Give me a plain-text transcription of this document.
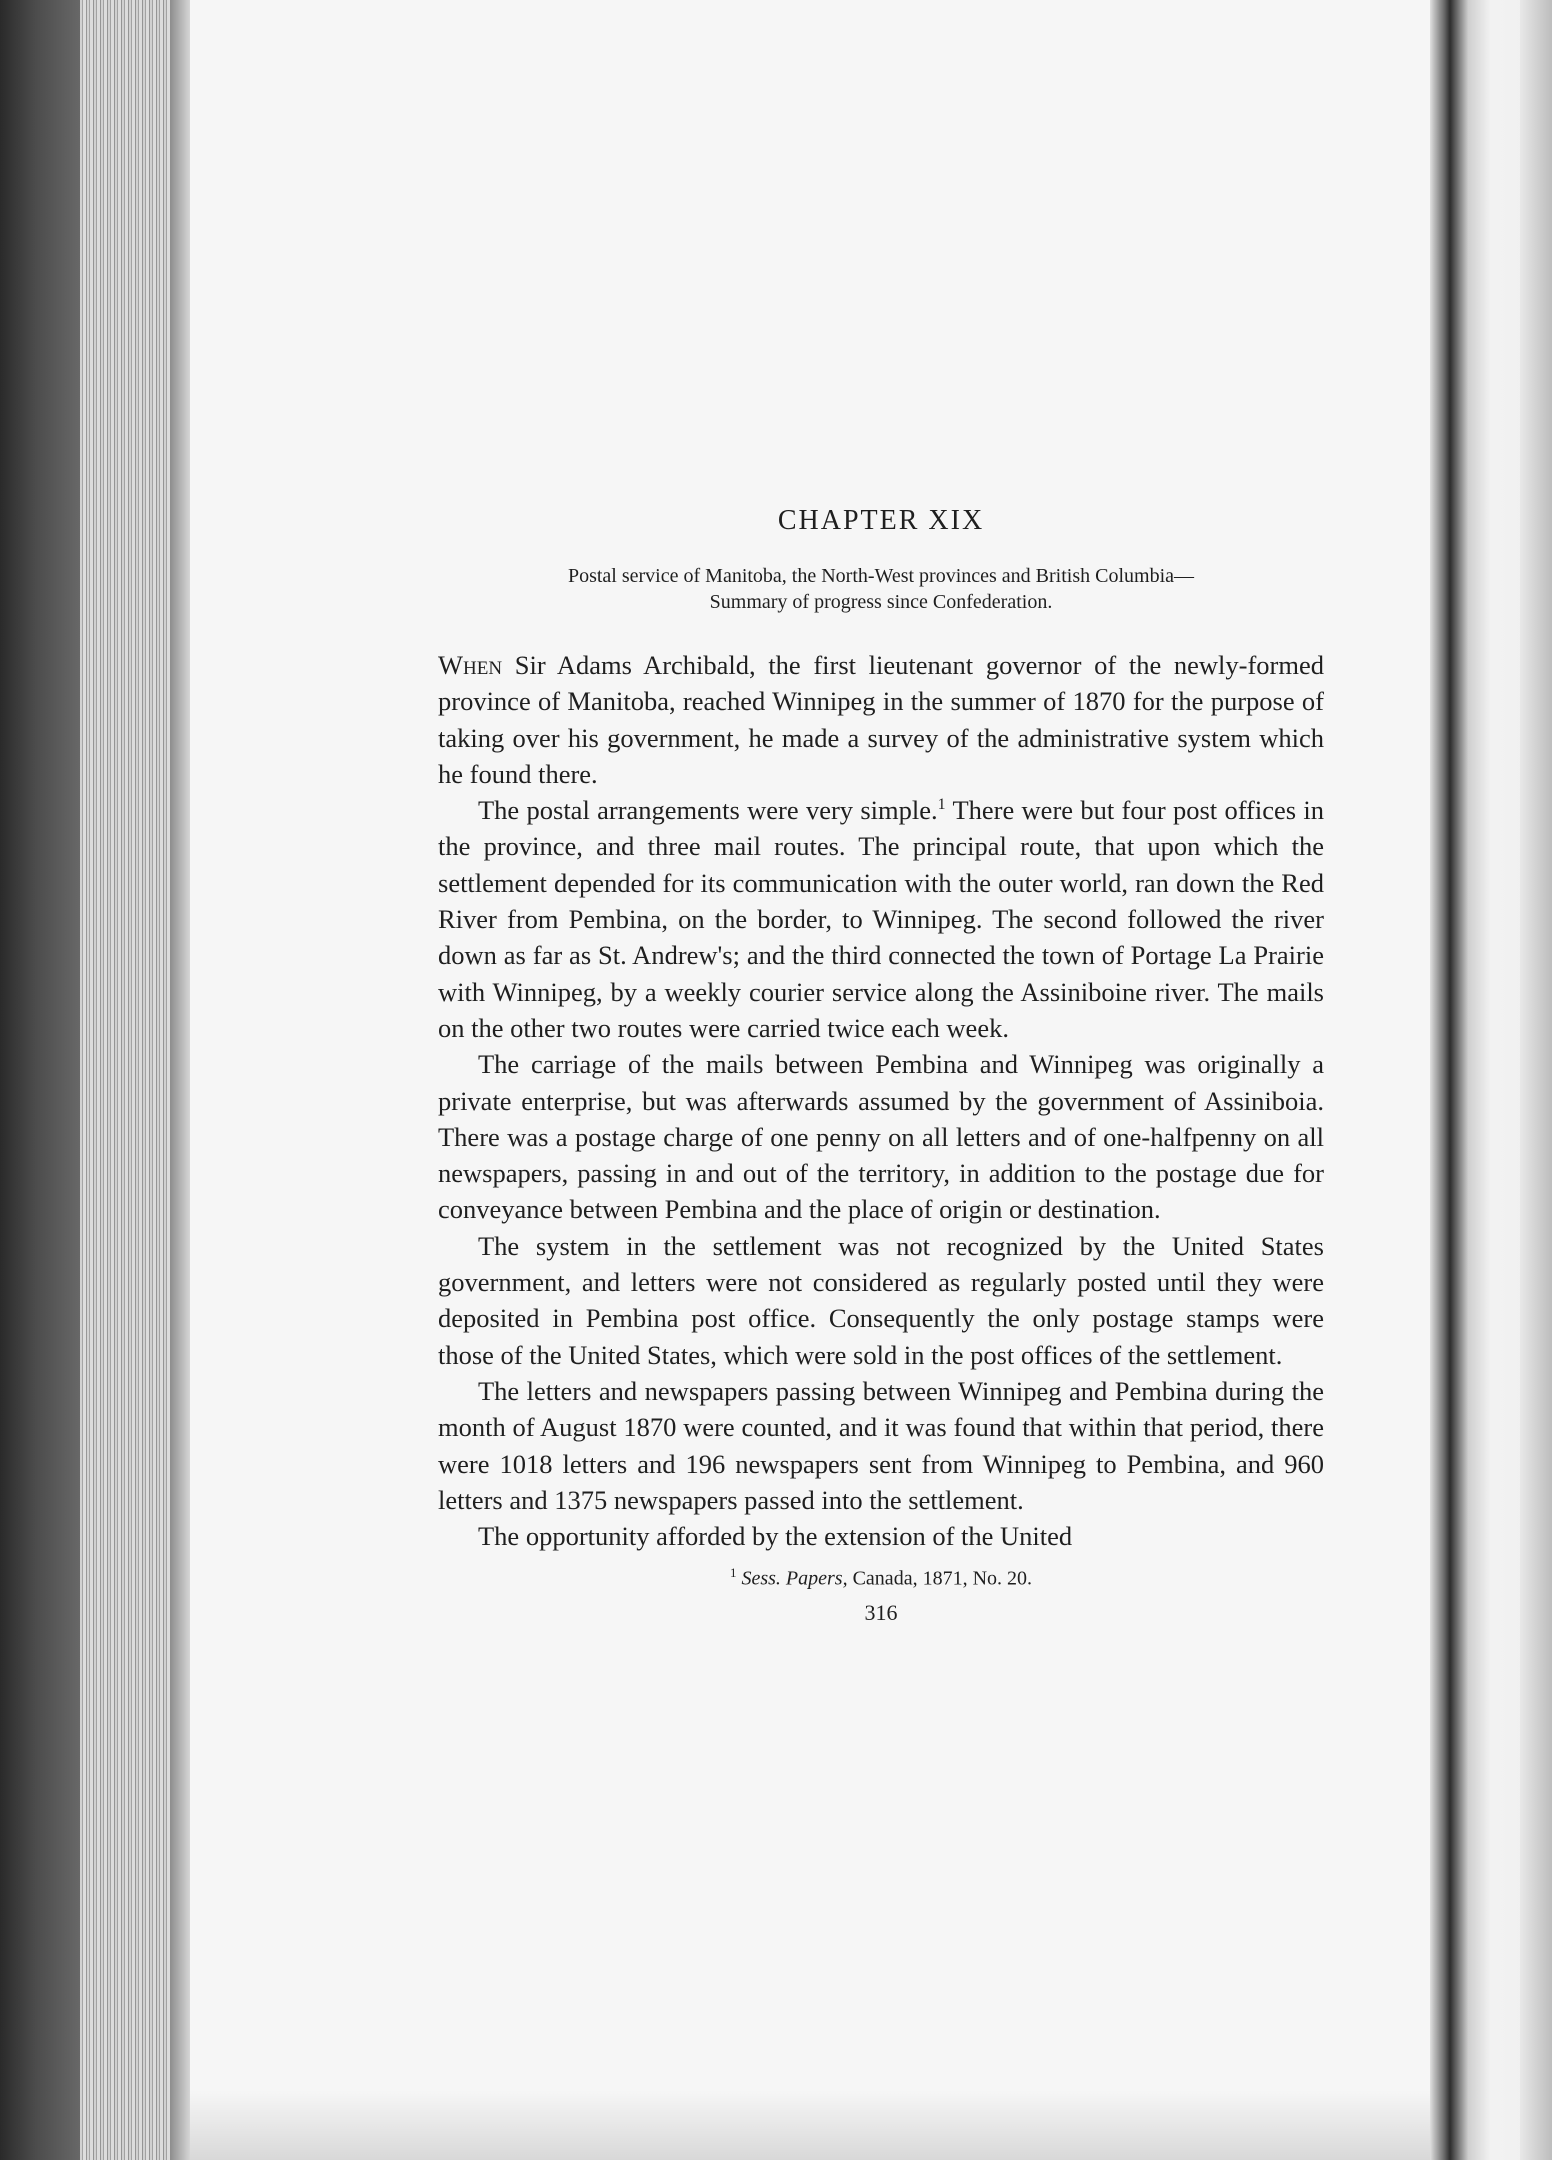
CHAPTER XIX

Postal service of Manitoba, the North-West provinces and British Columbia—
Summary of progress since Confederation.

When Sir Adams Archibald, the first lieutenant governor of the newly-formed province of Manitoba, reached Winnipeg in the summer of 1870 for the purpose of taking over his government, he made a survey of the administrative system which he found there.

The postal arrangements were very simple.$^1$ There were but four post offices in the province, and three mail routes. The principal route, that upon which the settlement depended for its communication with the outer world, ran down the Red River from Pembina, on the border, to Winnipeg. The second followed the river down as far as St. Andrew's; and the third connected the town of Portage La Prairie with Winnipeg, by a weekly courier service along the Assiniboine river. The mails on the other two routes were carried twice each week.

The carriage of the mails between Pembina and Winnipeg was originally a private enterprise, but was afterwards assumed by the government of Assiniboia. There was a postage charge of one penny on all letters and of one-halfpenny on all newspapers, passing in and out of the territory, in addition to the postage due for conveyance between Pembina and the place of origin or destination.

The system in the settlement was not recognized by the United States government, and letters were not considered as regularly posted until they were deposited in Pembina post office. Consequently the only postage stamps were those of the United States, which were sold in the post offices of the settlement.

The letters and newspapers passing between Winnipeg and Pembina during the month of August 1870 were counted, and it was found that within that period, there were 1018 letters and 196 newspapers sent from Winnipeg to Pembina, and 960 letters and 1375 newspapers passed into the settlement.

The opportunity afforded by the extension of the United

$^1$ Sess. Papers, Canada, 1871, No. 20.

316
